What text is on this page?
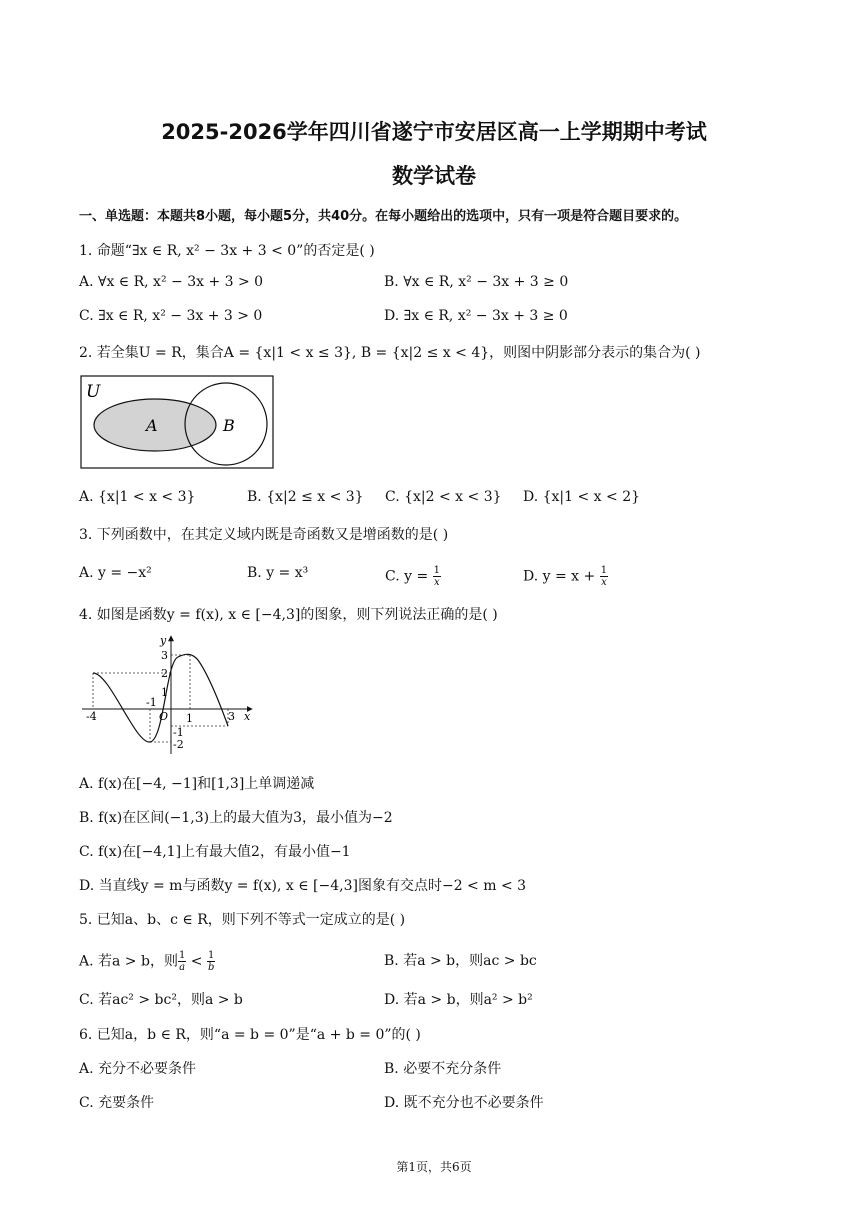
2025-2026学年四川省遂宁市安居区高一上学期期中考试
数学试卷
一、单选题：本题共8小题，每小题5分，共40分。在每小题给出的选项中，只有一项是符合题目要求的。
1. 命题“∃x ∈ R, x² − 3x + 3 < 0”的否定是( )
A. ∀x ∈ R, x² − 3x + 3 > 0	B. ∀x ∈ R, x² − 3x + 3 ≥ 0
C. ∃x ∈ R, x² − 3x + 3 > 0	D. ∃x ∈ R, x² − 3x + 3 ≥ 0
2. 若全集U = R，集合A = {x|1 < x ≤ 3}, B = {x|2 ≤ x < 4}，则图中阴影部分表示的集合为( )
U
A	B
A. {x|1 < x < 3}	B. {x|2 ≤ x < 3} C. {x|2 < x < 3} D. {x|1 < x < 2}
3. 下列函数中，在其定义域内既是奇函数又是增函数的是( )
A. y = −x²	B. y = x³	C. $y = \frac{1}{x}$	D. $y = x + \frac{1}{x}$
4. 如图是函数y = f(x), x ∈ [−4,3]的图象，则下列说法正确的是( )
y
x
O
3
2
1
-1
-2
-4
-1
1	3
A. f(x)在[−4, −1]和[1,3]上单调递减
B. f(x)在区间(−1,3)上的最大值为3，最小值为−2
C. f(x)在[−4,1]上有最大值2，有最小值−1
D. 当直线y = m与函数y = f(x), x ∈ [−4,3]图象有交点时−2 < m < 3
5. 已知a、b、c ∈ R，则下列不等式一定成立的是( )
A. 若a > b，则 $\frac{1}{a} < \frac{1}{b}$	B. 若a > b，则ac > bc
C. 若ac² > bc²，则a > b	D. 若a > b，则a² > b²
6. 已知a，b ∈ R，则“a = b = 0”是“a + b = 0”的( )
A. 充分不必要条件	B. 必要不充分条件
C. 充要条件	D. 既不充分也不必要条件
第1页，共6页
